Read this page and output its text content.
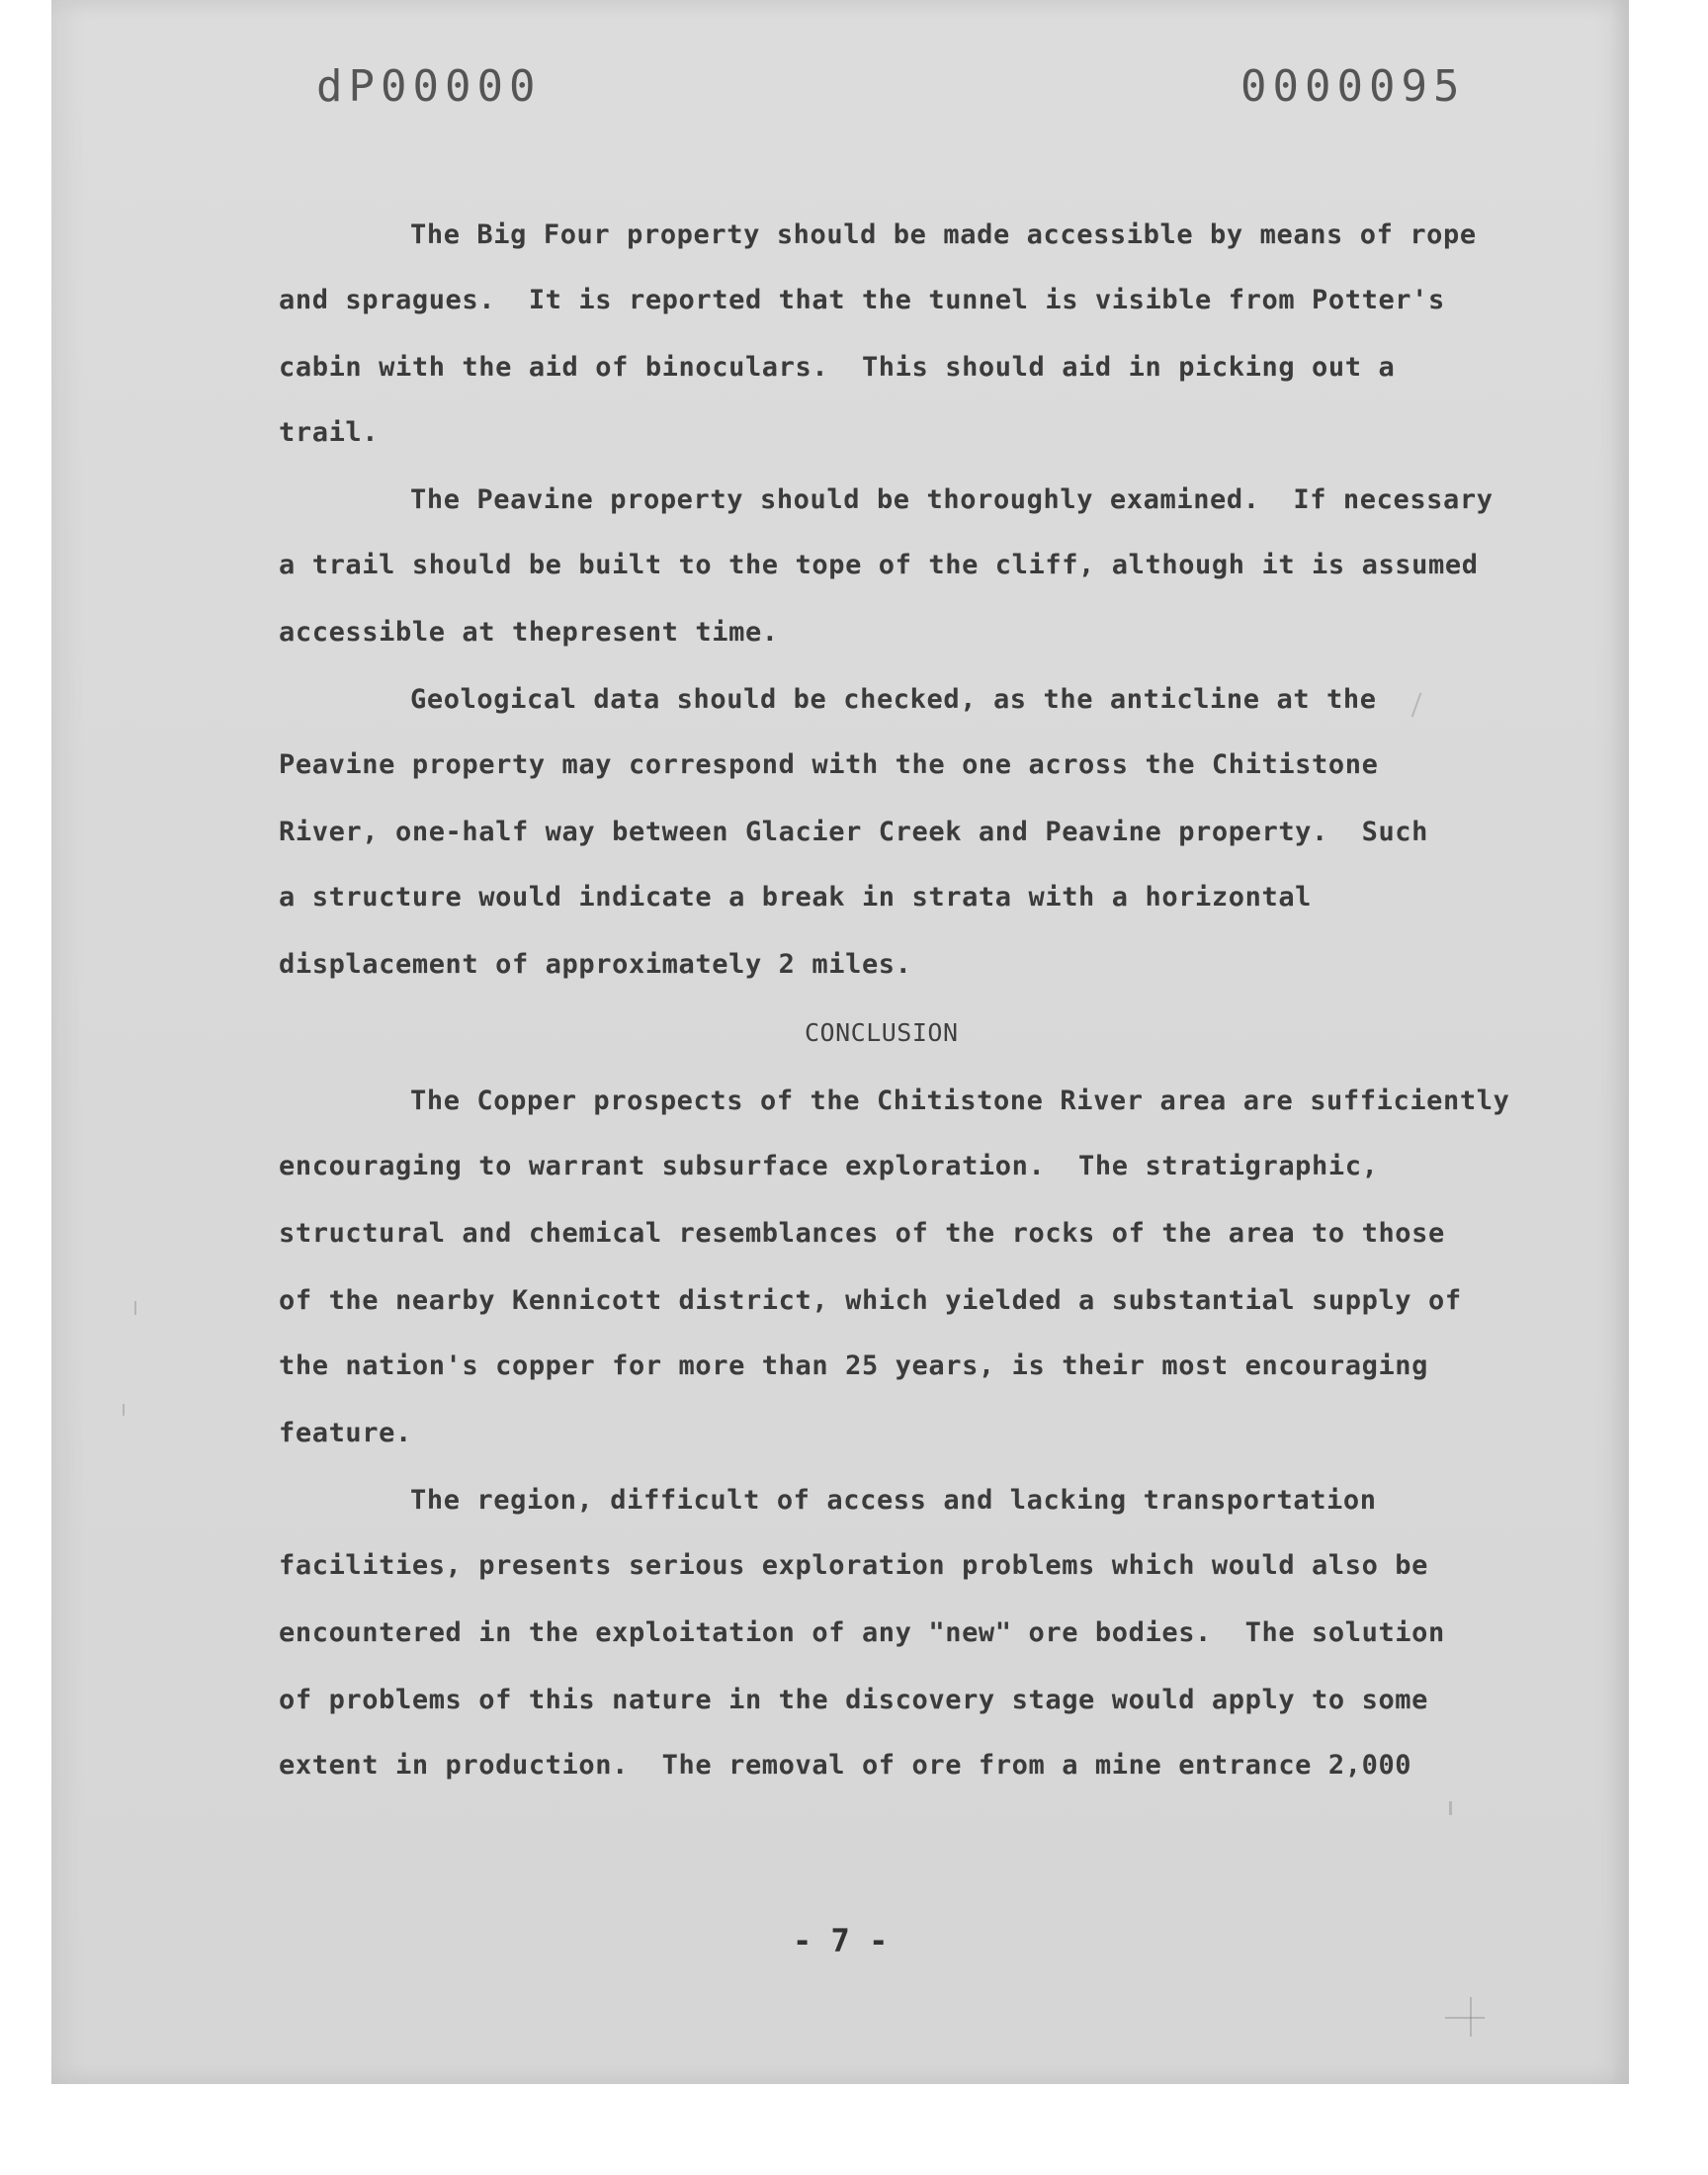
dP00000	0000095
The Big Four property should be made accessible by means of rope
and spragues.  It is reported that the tunnel is visible from Potter's
cabin with the aid of binoculars.  This should aid in picking out a
trail.
The Peavine property should be thoroughly examined.  If necessary
a trail should be built to the tope of the cliff, although it is assumed
accessible at thepresent time.
Geological data should be checked, as the anticline at the
Peavine property may correspond with the one across the Chitistone
River, one-half way between Glacier Creek and Peavine property.  Such
a structure would indicate a break in strata with a horizontal
displacement of approximately 2 miles.
CONCLUSION
The Copper prospects of the Chitistone River area are sufficiently
encouraging to warrant subsurface exploration.  The stratigraphic,
structural and chemical resemblances of the rocks of the area to those
of the nearby Kennicott district, which yielded a substantial supply of
the nation's copper for more than 25 years, is their most encouraging
feature.
The region, difficult of access and lacking transportation
facilities, presents serious exploration problems which would also be
encountered in the exploitation of any "new" ore bodies.  The solution
of problems of this nature in the discovery stage would apply to some
extent in production.  The removal of ore from a mine entrance 2,000
- 7 -
